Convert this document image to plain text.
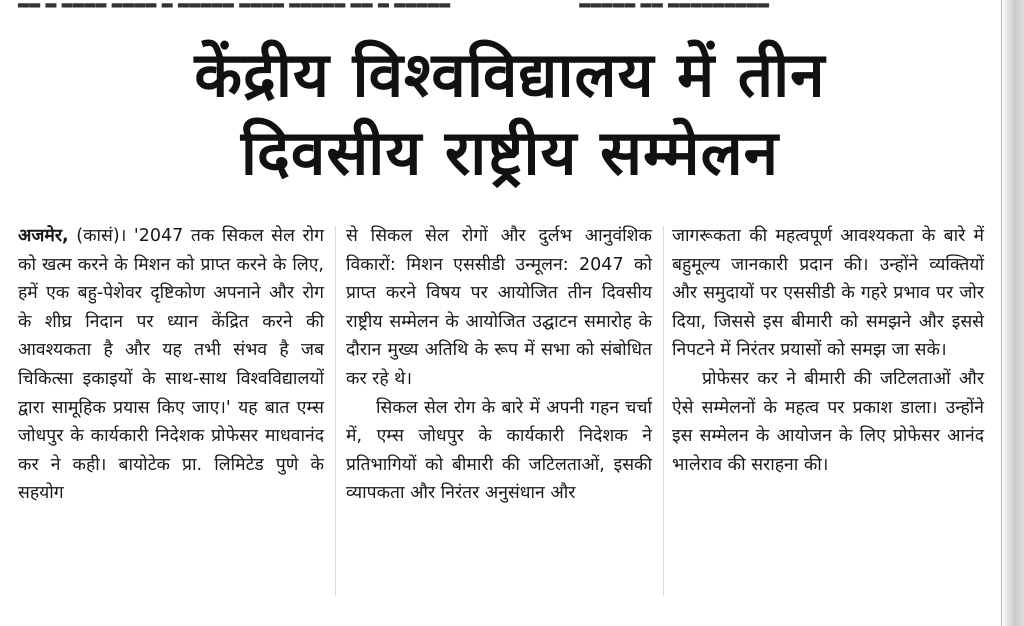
▂▂ ▂ ▂▂▂▂ ▂▂▂▂ ▂ ▂▂▂▂▂ ▂▂▂▂ ▂▂▂▂▂ ▂▂ ▂ ▂▂▂▂▂                          ▂▂▂▂▂ ▂▂ ▂▂▂▂▂▂▂▂▂
केंद्रीय विश्वविद्यालय में तीन
दिवसीय राष्ट्रीय सम्मेलन

अजमेर, (कासं)। '2047 तक सिकल सेल रोग को खत्म करने के मिशन को प्राप्त करने के लिए, हमें एक बहु-पेशेवर दृष्टिकोण अपनाने और रोग के शीघ्र निदान पर ध्यान केंद्रित करने की आवश्यकता है और यह तभी संभव है जब चिकित्सा इकाइयों के साथ-साथ विश्वविद्यालयों द्वारा सामूहिक प्रयास किए जाए।' यह बात एम्स जोधपुर के कार्यकारी निदेशक प्रोफेसर माधवानंद कर ने कही। बायोटेक प्रा. लिमिटेड पुणे के सहयोग

से सिकल सेल रोगों और दुर्लभ आनुवंशिक विकारों: मिशन एससीडी उन्मूलन: 2047 को प्राप्त करने विषय पर आयोजित तीन दिवसीय राष्ट्रीय सम्मेलन के आयोजित उद्घाटन समारोह के दौरान मुख्य अतिथि के रूप में सभा को संबोधित कर रहे थे।

सिकल सेल रोग के बारे में अपनी गहन चर्चा में, एम्स जोधपुर के कार्यकारी निदेशक ने प्रतिभागियों को बीमारी की जटिलताओं, इसकी व्यापकता और निरंतर अनुसंधान और

जागरूकता की महत्वपूर्ण आवश्यकता के बारे में बहुमूल्य जानकारी प्रदान की। उन्होंने व्यक्तियों और समुदायों पर एससीडी के गहरे प्रभाव पर जोर दिया, जिससे इस बीमारी को समझने और इससे निपटने में निरंतर प्रयासों को समझ जा सके।

प्रोफेसर कर ने बीमारी की जटिलताओं और ऐसे सम्मेलनों के महत्व पर प्रकाश डाला। उन्होंने इस सम्मेलन के आयोजन के लिए प्रोफेसर आनंद भालेराव की सराहना की।
